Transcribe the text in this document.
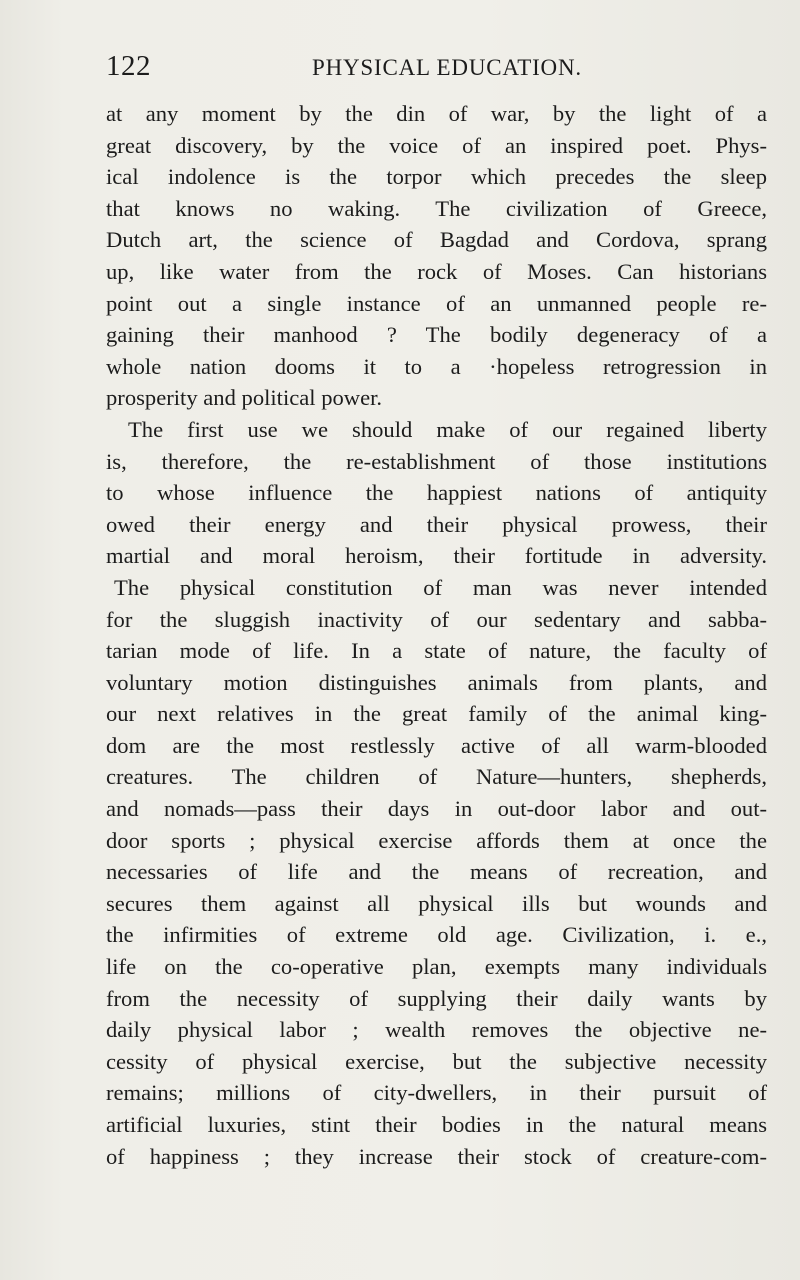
122	PHYSICAL EDUCATION.
at any moment by the din of war, by the light of a
great discovery, by the voice of an inspired poet. Phys-
ical indolence is the torpor which precedes the sleep
that knows no waking. The civilization of Greece,
Dutch art, the science of Bagdad and Cordova, sprang
up, like water from the rock of Moses. Can historians
point out a single instance of an unmanned people re-
gaining their manhood ? The bodily degeneracy of a
whole nation dooms it to a ·hopeless retrogression in
prosperity and political power.
The first use we should make of our regained liberty
is, therefore, the re-establishment of those institutions
to whose influence the happiest nations of antiquity
owed their energy and their physical prowess, their
martial and moral heroism, their fortitude in adversity.
The physical constitution of man was never intended
for the sluggish inactivity of our sedentary and sabba-
tarian mode of life. In a state of nature, the faculty of
voluntary motion distinguishes animals from plants, and
our next relatives in the great family of the animal king-
dom are the most restlessly active of all warm-blooded
creatures. The children of Nature—hunters, shepherds,
and nomads—pass their days in out-door labor and out-
door sports ; physical exercise affords them at once the
necessaries of life and the means of recreation, and
secures them against all physical ills but wounds and
the infirmities of extreme old age. Civilization, i. e.,
life on the co-operative plan, exempts many individuals
from the necessity of supplying their daily wants by
daily physical labor ; wealth removes the objective ne-
cessity of physical exercise, but the subjective necessity
remains; millions of city-dwellers, in their pursuit of
artificial luxuries, stint their bodies in the natural means
of happiness ; they increase their stock of creature-com-
